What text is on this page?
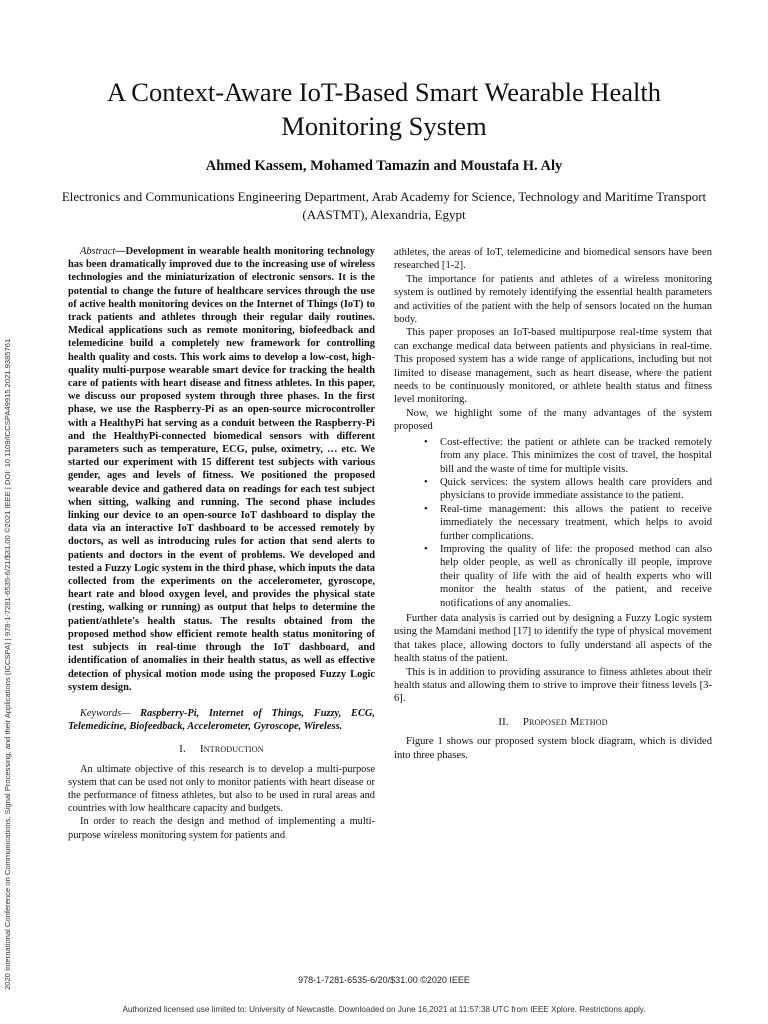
2020 International Conference on Communications, Signal Processing, and their Applications (ICCSPA) | 978-1-7281-6535-6/21/$31.00 ©2021 IEEE | DOI: 10.1109/ICCSPA49915.2021.9385761
A Context-Aware IoT-Based Smart Wearable Health Monitoring System
Ahmed Kassem, Mohamed Tamazin and Moustafa H. Aly
Electronics and Communications Engineering Department, Arab Academy for Science, Technology and Maritime Transport (AASTMT), Alexandria, Egypt

Abstract—Development in wearable health monitoring technology has been dramatically improved due to the increasing use of wireless technologies and the miniaturization of electronic sensors. It is the potential to change the future of healthcare services through the use of active health monitoring devices on the Internet of Things (IoT) to track patients and athletes through their regular daily routines. Medical applications such as remote monitoring, biofeedback and telemedicine build a completely new framework for controlling health quality and costs. This work aims to develop a low-cost, high-quality multi-purpose wearable smart device for tracking the health care of patients with heart disease and fitness athletes. In this paper, we discuss our proposed system through three phases. In the first phase, we use the Raspberry-Pi as an open-source microcontroller with a HealthyPi hat serving as a conduit between the Raspberry-Pi and the HealthyPi-connected biomedical sensors with different parameters such as temperature, ECG, pulse, oximetry, … etc. We started our experiment with 15 different test subjects with various gender, ages and levels of fitness. We positioned the proposed wearable device and gathered data on readings for each test subject when sitting, walking and running. The second phase includes linking our device to an open-source IoT dashboard to display the data via an interactive IoT dashboard to be accessed remotely by doctors, as well as introducing rules for action that send alerts to patients and doctors in the event of problems. We developed and tested a Fuzzy Logic system in the third phase, which inputs the data collected from the experiments on the accelerometer, gyroscope, heart rate and blood oxygen level, and provides the physical state (resting, walking or running) as output that helps to determine the patient/athlete's health status. The results obtained from the proposed method show efficient remote health status monitoring of test subjects in real-time through the IoT dashboard, and identification of anomalies in their health status, as well as effective detection of physical motion mode using the proposed Fuzzy Logic system design.

Keywords— Raspberry-Pi, Internet of Things, Fuzzy, ECG, Telemedicine, Biofeedback, Accelerometer, Gyroscope, Wireless.

I. Introduction

An ultimate objective of this research is to develop a multi-purpose system that can be used not only to monitor patients with heart disease or the performance of fitness athletes, but also to be used in rural areas and countries with low healthcare capacity and budgets.

In order to reach the design and method of implementing a multi-purpose wireless monitoring system for patients and

athletes, the areas of IoT, telemedicine and biomedical sensors have been researched [1-2].

The importance for patients and athletes of a wireless monitoring system is outlined by remotely identifying the essential health parameters and activities of the patient with the help of sensors located on the human body.

This paper proposes an IoT-based multipurpose real-time system that can exchange medical data between patients and physicians in real-time. This proposed system has a wide range of applications, including but not limited to disease management, such as heart disease, where the patient needs to be continuously monitored, or athlete health status and fitness level monitoring.

Now, we highlight some of the many advantages of the system proposed

• Cost-effective: the patient or athlete can be tracked remotely from any place. This minimizes the cost of travel, the hospital bill and the waste of time for multiple visits.
• Quick services: the system allows health care providers and physicians to provide immediate assistance to the patient.
• Real-time management: this allows the patient to receive immediately the necessary treatment, which helps to avoid further complications.
• Improving the quality of life: the proposed method can also help older people, as well as chronically ill people, improve their quality of life with the aid of health experts who will monitor the health status of the patient, and receive notifications of any anomalies.

Further data analysis is carried out by designing a Fuzzy Logic system using the Mamdani method [17] to identify the type of physical movement that takes place, allowing doctors to fully understand all aspects of the health status of the patient.

This is in addition to providing assurance to fitness athletes about their health status and allowing them to strive to improve their fitness levels [3-6].

II. Proposed Method

Figure 1 shows our proposed system block diagram, which is divided into three phases.

978-1-7281-6535-6/20/$31.00 ©2020 IEEE
Authorized licensed use limited to: University of Newcastle. Downloaded on June 16,2021 at 11:57:38 UTC from IEEE Xplore. Restrictions apply.
